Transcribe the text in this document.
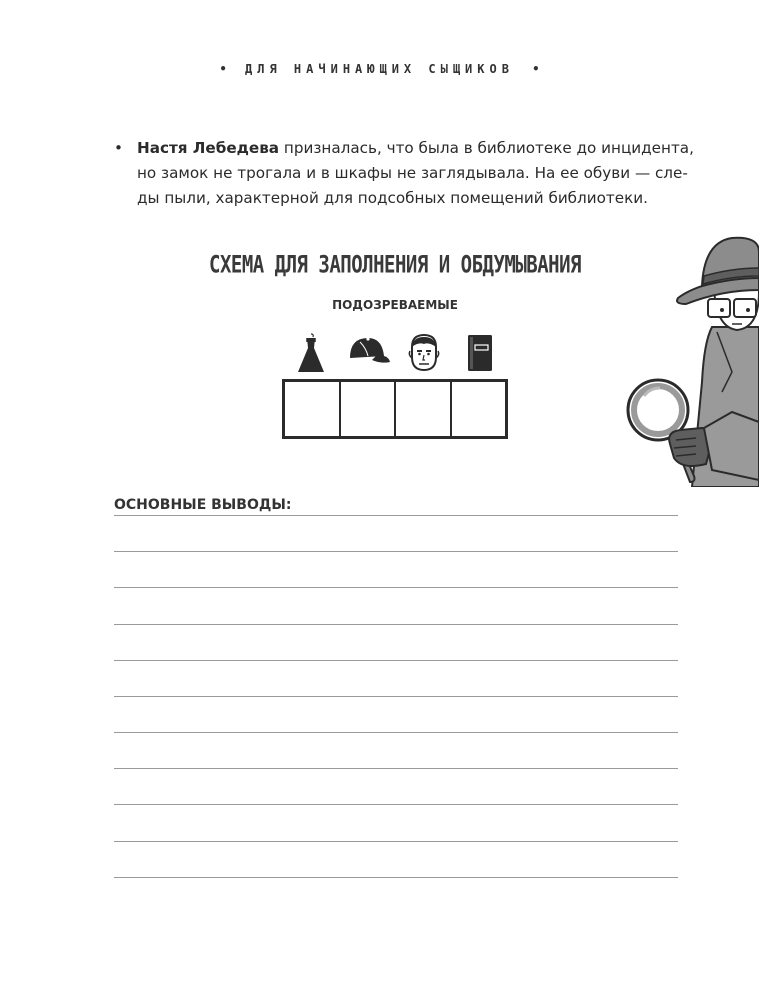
• ДЛЯ НАЧИНАЮЩИХ СЫЩИКОВ •
• Настя Лебедева призналась, что была в библиотеке до инцидента,
но замок не трогала и в шкафы не заглядывала. На ее обуви — сле-
ды пыли, характерной для подсобных помещений библиотеки.
СХЕМА ДЛЯ ЗАПОЛНЕНИЯ И ОБДУМЫВАНИЯ
ПОДОЗРЕВАЕМЫЕ
ОСНОВНЫЕ ВЫВОДЫ:
